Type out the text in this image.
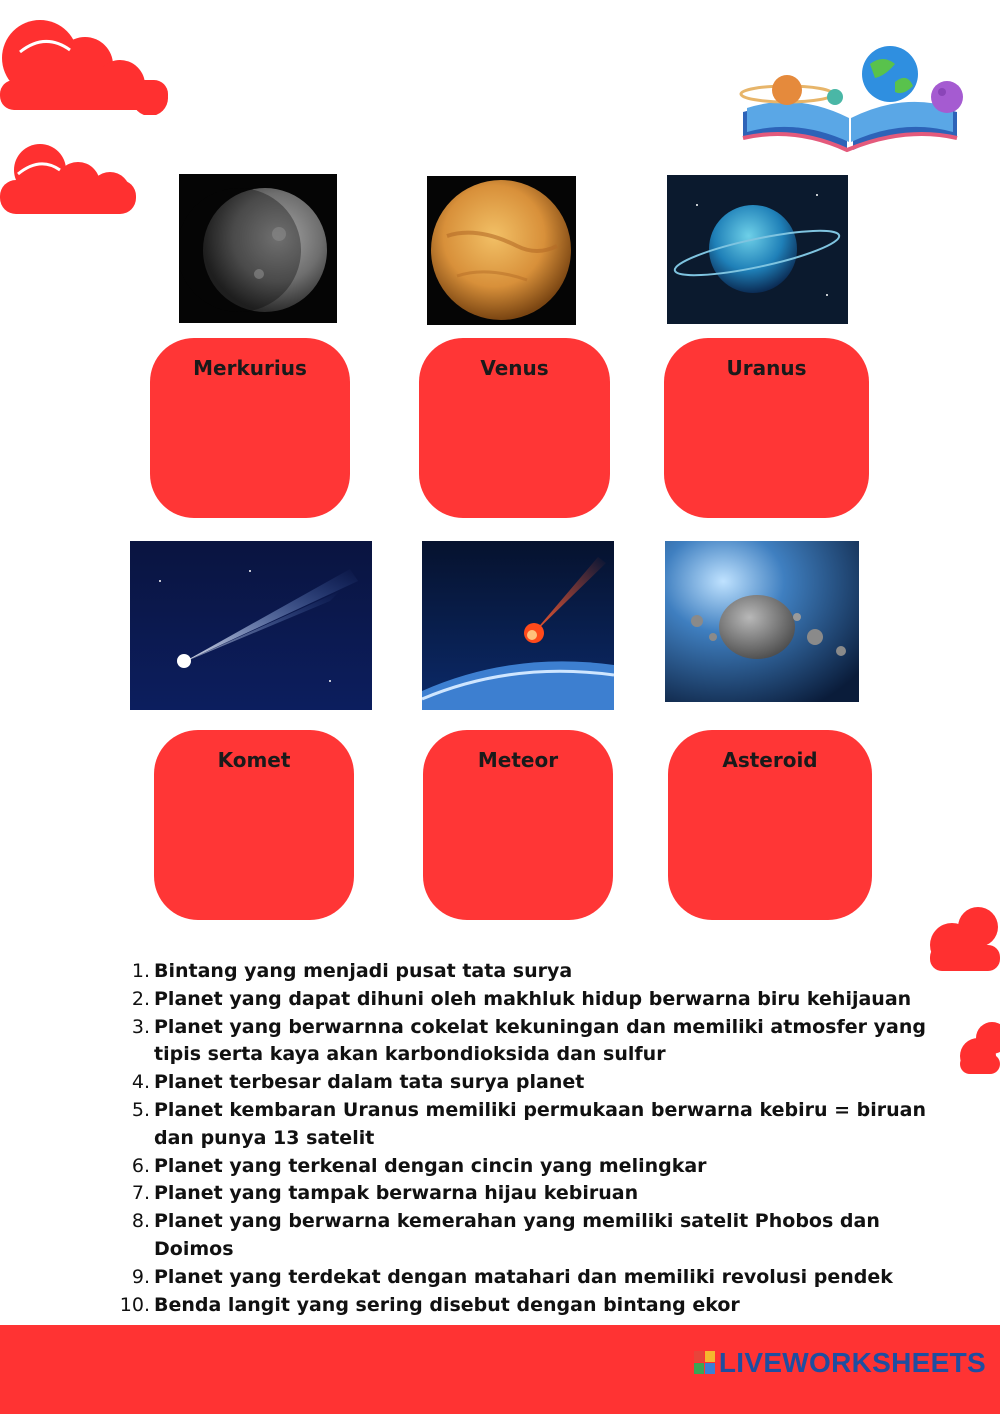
Merkurius	Venus	Uranus
Komet	Meteor	Asteroid
1. Bintang yang menjadi pusat tata surya
2. Planet yang dapat dihuni oleh makhluk hidup berwarna biru kehijauan
3. Planet yang berwarnna cokelat kekuningan dan memiliki atmosfer yang tipis serta kaya akan karbondioksida dan sulfur
4. Planet terbesar dalam tata surya planet
5. Planet kembaran Uranus memiliki permukaan berwarna kebiru = biruan dan punya 13 satelit
6. Planet yang terkenal dengan cincin yang melingkar
7. Planet yang tampak berwarna hijau kebiruan
8. Planet yang berwarna kemerahan yang memiliki satelit Phobos dan Doimos
9. Planet yang terdekat dengan matahari dan memiliki revolusi pendek
10. Benda langit yang sering disebut dengan bintang ekor
LIVEWORKSHEETS
